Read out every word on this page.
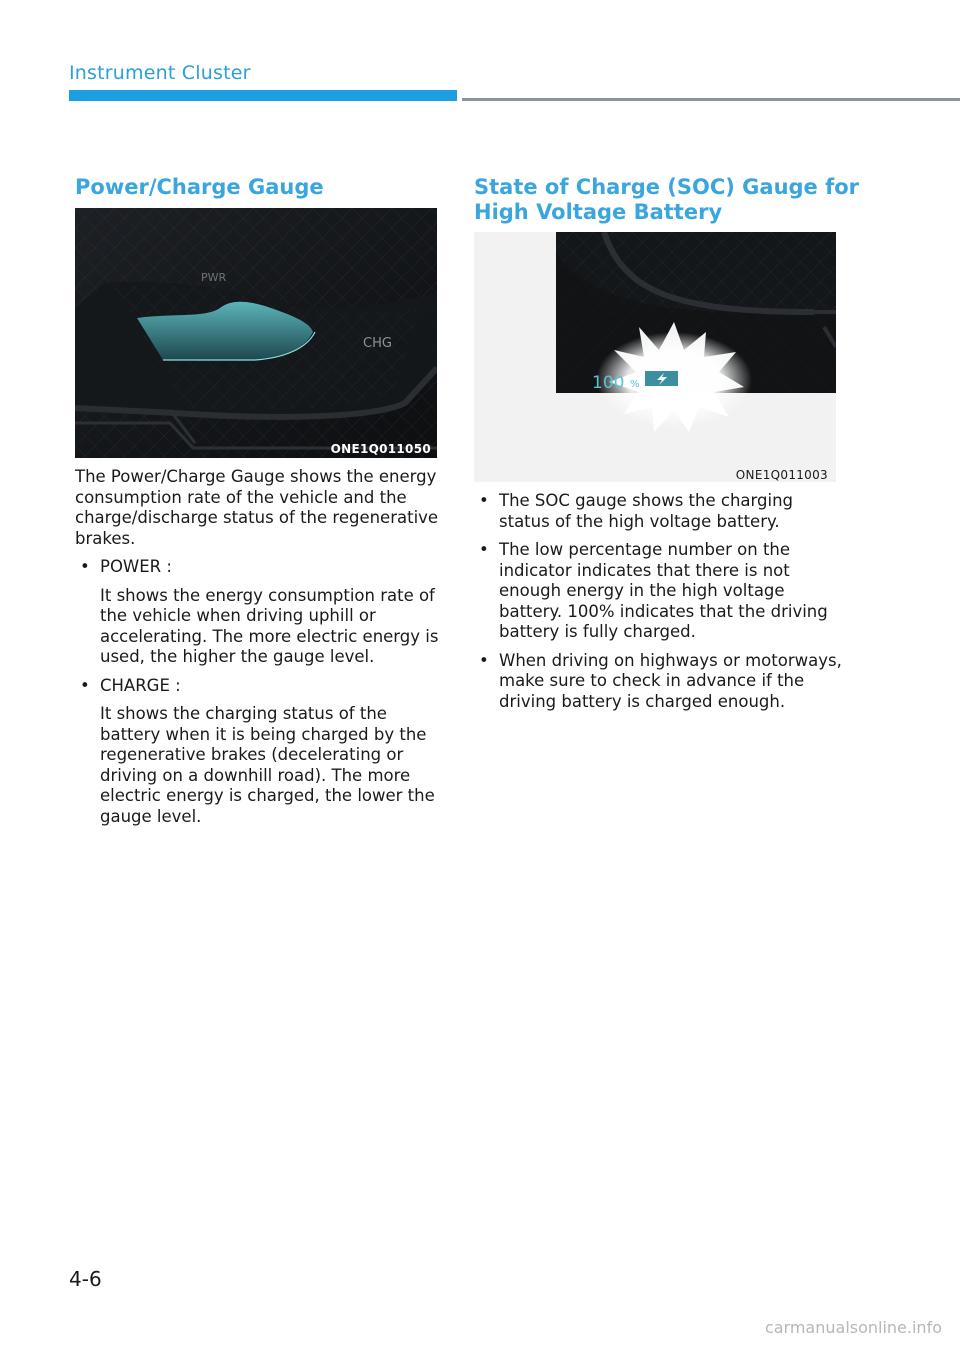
Instrument Cluster
Power/Charge Gauge
PWR
CHG
ONE1Q011050

The Power/Charge Gauge shows the energy consumption rate of the vehicle and the charge/discharge status of the regenerative brakes.

• POWER :
It shows the energy consumption rate of the vehicle when driving uphill or accelerating. The more electric energy is used, the higher the gauge level.
• CHARGE :
It shows the charging status of the battery when it is being charged by the regenerative brakes (decelerating or driving on a downhill road). The more electric energy is charged, the lower the gauge level.
State of Charge (SOC) Gauge for
High Voltage Battery
100 %
ONE1Q011003
• The SOC gauge shows the charging status of the high voltage battery.
• The low percentage number on the indicator indicates that there is not enough energy in the high voltage battery. 100% indicates that the driving battery is fully charged.
• When driving on highways or motorways, make sure to check in advance if the driving battery is charged enough.
4-6
carmanualsonline.info
